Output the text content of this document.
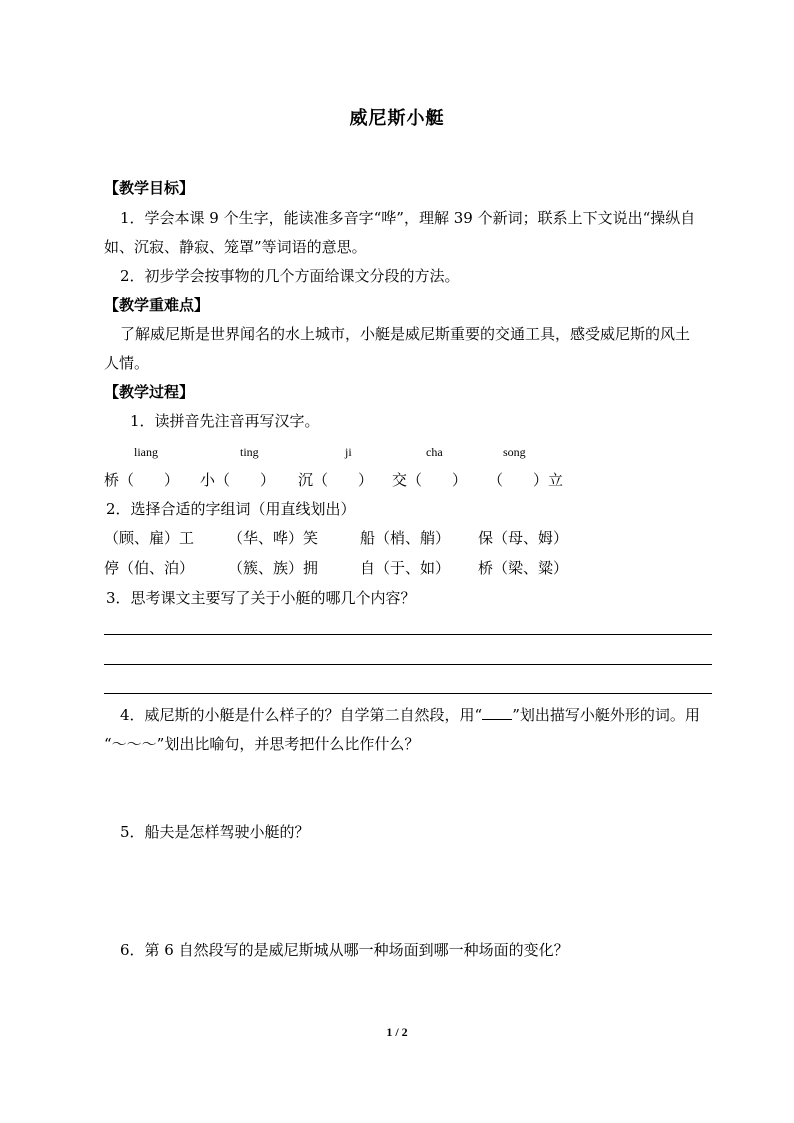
威尼斯小艇
【教学目标】
1．学会本课 9 个生字，能读准多音字“哗”，理解 39 个新词；联系上下文说出“操纵自
如、沉寂、静寂、笼罩”等词语的意思。
2．初步学会按事物的几个方面给课文分段的方法。
【教学重难点】
了解威尼斯是世界闻名的水上城市，小艇是威尼斯重要的交通工具，感受威尼斯的风土
人情。
【教学过程】
1．读拼音先注音再写汉字。
liang	ting	ji	cha	song
桥（　　） 小（　　） 沉（　　） 交（　　） （　　）立
2．选择合适的字组词（用直线划出）
（顾、雇）工 （华、哗）笑	船（梢、艄） 保（母、姆）
停（伯、泊） （簇、族）拥	自（于、如） 桥（梁、粱）
3．思考课文主要写了关于小艇的哪几个内容？
4．威尼斯的小艇是什么样子的？自学第二自然段，用“ ”划出描写小艇外形的词。用
“～～～”划出比喻句，并思考把什么比作什么？
5．船夫是怎样驾驶小艇的？
6．第 6 自然段写的是威尼斯城从哪一种场面到哪一种场面的变化？
1 / 2
